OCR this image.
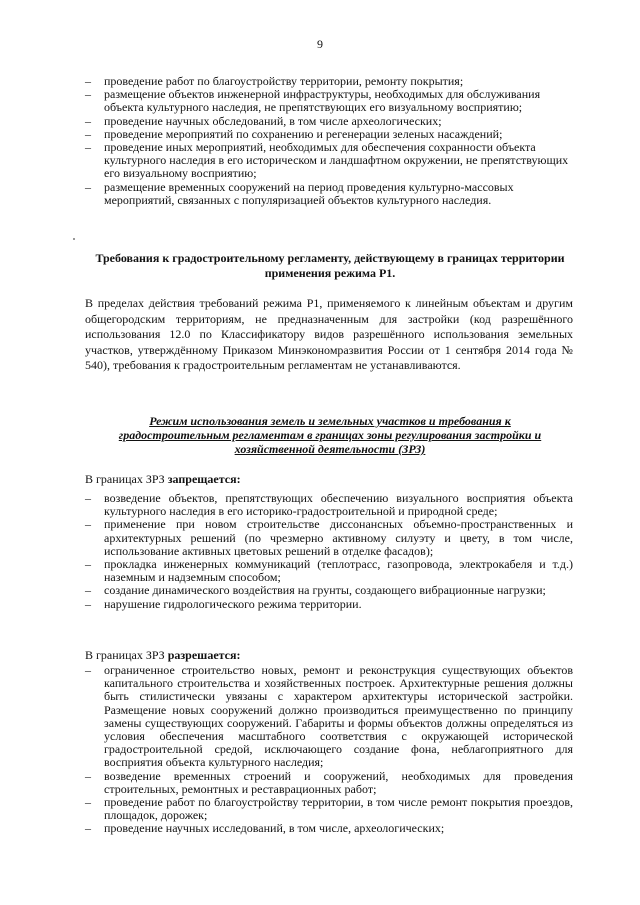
9
– проведение работ по благоустройству территории, ремонту покрытия;
– размещение объектов инженерной инфраструктуры, необходимых для обслуживания объекта культурного наследия, не препятствующих его визуальному восприятию;
– проведение научных обследований, в том числе археологических;
– проведение мероприятий по сохранению и регенерации зеленых насаждений;
– проведение иных мероприятий, необходимых для обеспечения сохранности объекта культурного наследия в его историческом и ландшафтном окружении, не препятствующих его визуальному восприятию;
– размещение временных сооружений на период проведения культурно-массовых мероприятий, связанных с популяризацией объектов культурного наследия.
Требования к градостроительному регламенту, действующему в границах территории применения режима Р1.
В пределах действия требований режима Р1, применяемого к линейным объектам и другим общегородским территориям, не предназначенным для застройки (код разрешённого использования 12.0 по Классификатору видов разрешённого использования земельных участков, утверждённому Приказом Минэкономразвития России от 1 сентября 2014 года № 540), требования к градостроительным регламентам не устанавливаются.
Режим использования земель и земельных участков и требования к градостроительным регламентам в границах зоны регулирования застройки и хозяйственной деятельности (ЗРЗ)
В границах ЗРЗ запрещается:
– возведение объектов, препятствующих обеспечению визуального восприятия объекта культурного наследия в его историко-градостроительной и природной среде;
– применение при новом строительстве диссонансных объемно-пространственных и архитектурных решений (по чрезмерно активному силуэту и цвету, в том числе, использование активных цветовых решений в отделке фасадов);
– прокладка инженерных коммуникаций (теплотрасс, газопровода, электрокабеля и т.д.) наземным и надземным способом;
– создание динамического воздействия на грунты, создающего вибрационные нагрузки;
– нарушение гидрологического режима территории.
В границах ЗРЗ разрешается:
– ограниченное строительство новых, ремонт и реконструкция существующих объектов капитального строительства и хозяйственных построек. Архитектурные решения должны быть стилистически увязаны с характером архитектуры исторической застройки. Размещение новых сооружений должно производиться преимущественно по принципу замены существующих сооружений. Габариты и формы объектов должны определяться из условия обеспечения масштабного соответствия с окружающей исторической градостроительной средой, исключающего создание фона, неблагоприятного для восприятия объекта культурного наследия;
– возведение временных строений и сооружений, необходимых для проведения строительных, ремонтных и реставрационных работ;
– проведение работ по благоустройству территории, в том числе ремонт покрытия проездов, площадок, дорожек;
– проведение научных исследований, в том числе, археологических;
